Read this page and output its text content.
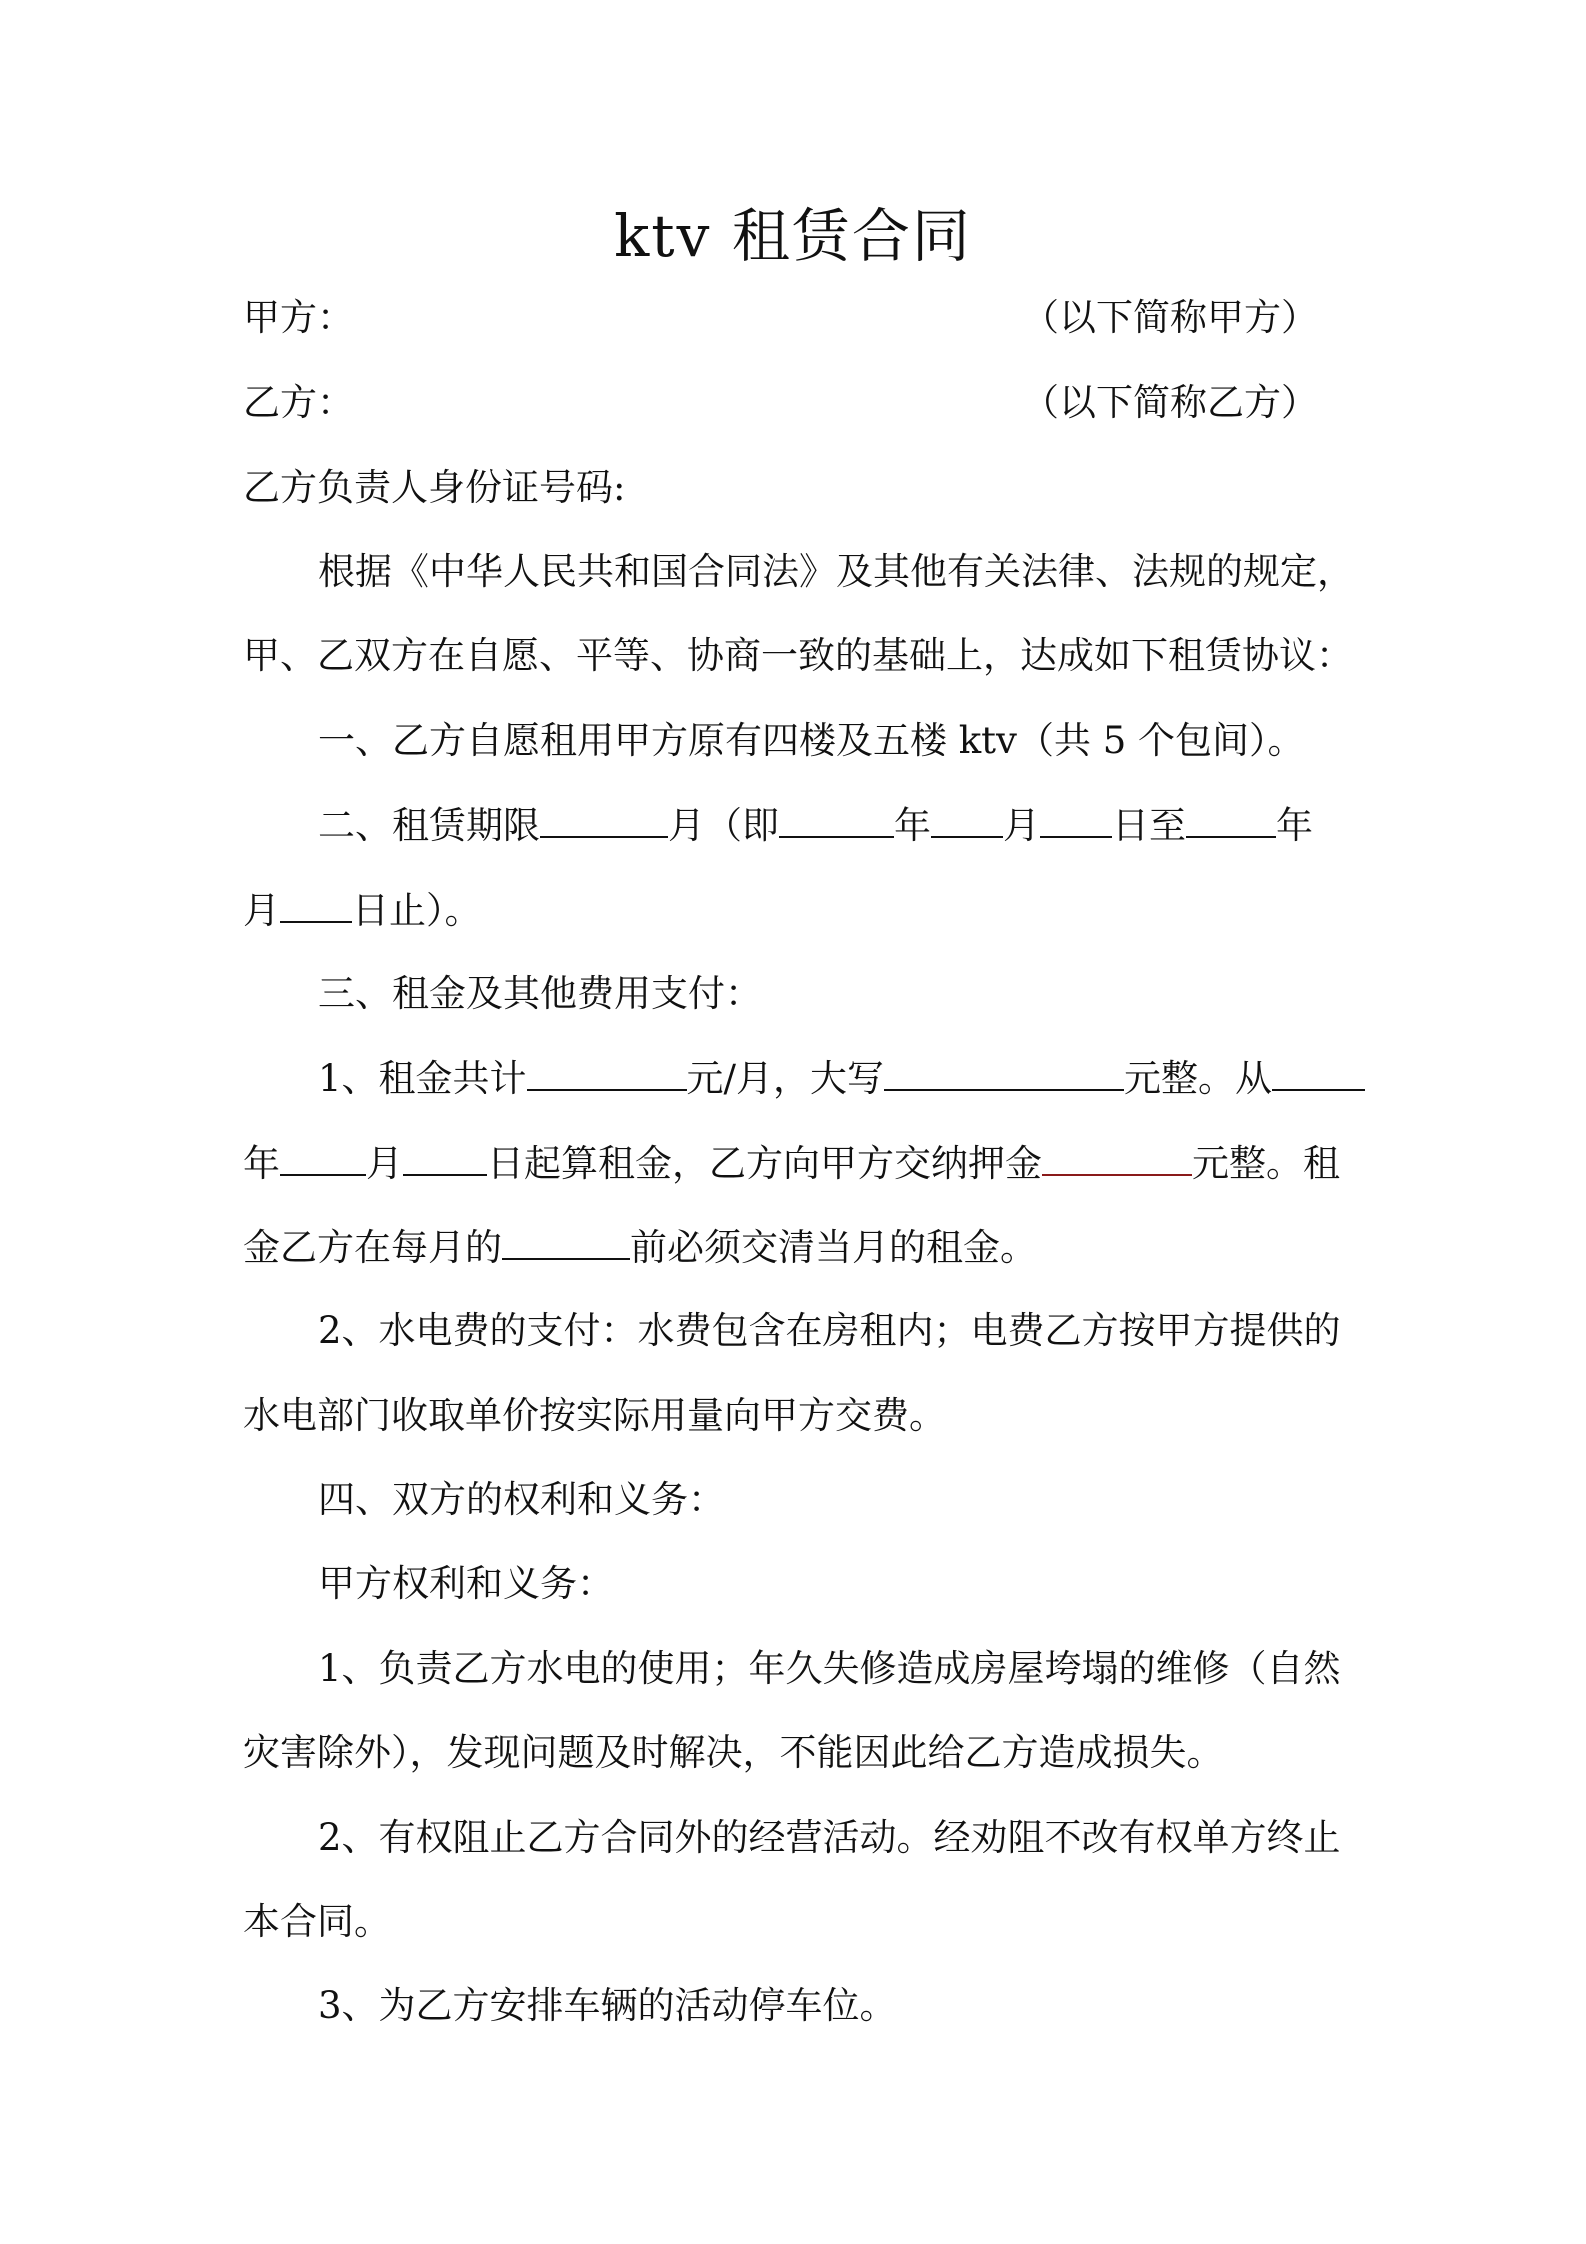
ktv 租赁合同
甲方：	（以下简称甲方）
乙方：	（以下简称乙方）
乙方负责人身份证号码:
根据《中华人民共和国合同法》及其他有关法律、法规的规定，
甲、乙双方在自愿、平等、协商一致的基础上，达成如下租赁协议：
一、乙方自愿租用甲方原有四楼及五楼 ktv（共 5 个包间）。
二、租赁期限	月（即	年 月 日至 年
月 日止）。
三、租金及其他费用支付：
1、租金共计	元/月，大写	元整。从
年 月 日起算租金，乙方向甲方交纳押金	元整。租
金乙方在每月的	前必须交清当月的租金。
2、水电费的支付：水费包含在房租内；电费乙方按甲方提供的
水电部门收取单价按实际用量向甲方交费。
四、双方的权利和义务：
甲方权利和义务：
1、负责乙方水电的使用；年久失修造成房屋垮塌的维修（自然
灾害除外），发现问题及时解决，不能因此给乙方造成损失。
2、有权阻止乙方合同外的经营活动。经劝阻不改有权单方终止
本合同。
3、为乙方安排车辆的活动停车位。
